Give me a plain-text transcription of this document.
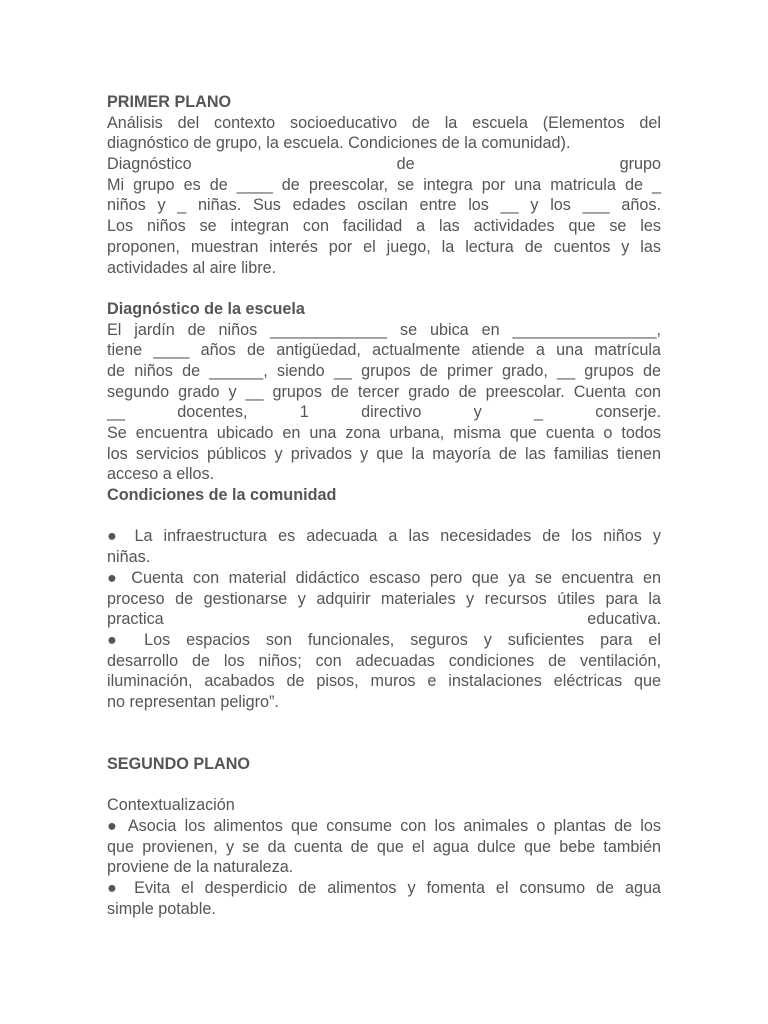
PRIMER PLANO
Análisis del contexto socioeducativo de la escuela (Elementos del
diagnóstico de grupo, la escuela. Condiciones de la comunidad).
Diagnóstico de grupo
Mi grupo es de ____ de preescolar, se integra por una matricula de _
niños y _ niñas. Sus edades oscilan entre los __ y los ___ años.
Los niños se integran con facilidad a las actividades que se les
proponen, muestran interés por el juego, la lectura de cuentos y las
actividades al aire libre.
Diagnóstico de la escuela
El jardín de niños _____________ se ubica en ________________,
tiene ____ años de antigüedad, actualmente atiende a una matrícula
de niños de ______, siendo __ grupos de primer grado, __ grupos de
segundo grado y __ grupos de tercer grado de preescolar. Cuenta con
__ docentes, 1 directivo y _ conserje.
Se encuentra ubicado en una zona urbana, misma que cuenta o todos
los servicios públicos y privados y que la mayoría de las familias tienen
acceso a ellos.
Condiciones de la comunidad
● La infraestructura es adecuada a las necesidades de los niños y
niñas.
● Cuenta con material didáctico escaso pero que ya se encuentra en
proceso de gestionarse y adquirir materiales y recursos útiles para la
practica educativa.
● Los espacios son funcionales, seguros y suficientes para el
desarrollo de los niños; con adecuadas condiciones de ventilación,
iluminación, acabados de pisos, muros e instalaciones eléctricas que
no representan peligro”.
SEGUNDO PLANO
Contextualización
● Asocia los alimentos que consume con los animales o plantas de los
que provienen, y se da cuenta de que el agua dulce que bebe también
proviene de la naturaleza.
● Evita el desperdicio de alimentos y fomenta el consumo de agua
simple potable.
